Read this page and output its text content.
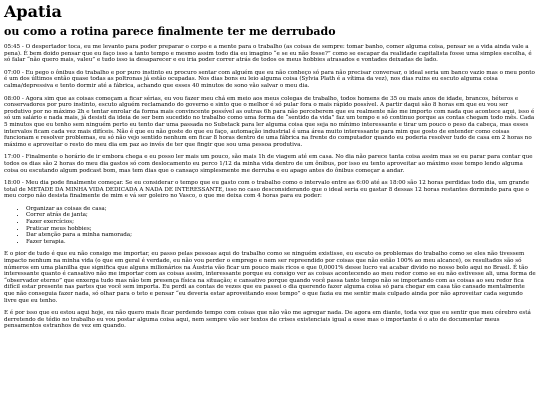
Apatia
ou como a rotina parece finalmente ter me derrubado

05:45 - O despertador toca, eu me levanto para poder preparar o corpo e a mente para o trabalho (as coisas de sempre: tomar banho, comer alguma coisa, pensar se a vida ainda vale a pena). É bem doido pensar que eu faço isso a tanto tempo e mesmo assim todo dia eu imagino “e se eu não fosse?” como se escapar da realidade capitalista fosse uma simples escolha, é só falar “não quero mais, valeu” e tudo isso ia desaparecer e eu iria poder correr atrás de todos os meus hobbies atrasados e vontades deixadas de lado.

07:00 - Eu pego o ônibus do trabalho e por puro instinto eu procuro sentar com alguém que eu não conheço só para não precisar conversar, o ideal seria um banco vazio mas o meu ponto é um dos últimos então quase todas as poltronas já estão ocupadas. Nos dias bons eu leio alguma coisa (Sylvia Plath é a vítima da vez), nos dias ruins eu escuto alguma coisa calma/depressiva e tento dormir até a fábrica, achando que esses 40 minutos de sono vão salvar o meu dia.

08:00 - Agora sim que as coisas começam a ficar sérias, eu vou fazer meu chá em meio aos meus colegas de trabalho, todos homens de 35 ou mais anos de idade, brancos, héteros e conservadores por puro instinto, escuto alguém reclamando do governo e sinto que o melhor é só pular fora o mais rápido possível. A partir daqui são 8 horas em que eu vou ser produtivo por no máximo 2h e tentar enrolar da forma mais convincente possível as outras 6h para não perceberem que eu realmente não me importo com nada que acontece aqui, isso é só um salário e nada mais, já desisti da ideia de ser bem sucedido no trabalho como uma forma de “sentido da vida” faz um tempo e só continuo porque as contas chegam todo mês. Cada 5 minutos que eu tenho sem ninguém perto eu tento dar uma passada no Substack para ler alguma coisa que seja no mínimo interessante e tirar um pouco o peso da cabeça, mas esses intervalos ficam cada vez mais difíceis. Não é que eu não goste do que eu faço, automação industrial é uma área muito interessante para mim que gosto de entender como coisas funcionam e resolver problemas, eu só não vejo sentido nenhum em ficar 8 horas dentro de uma fábrica na frente do computador quando eu poderia resolver tudo de casa em 2 horas no máximo e aproveitar o resto do meu dia em paz ao invés de ter que fingir que sou uma pessoa produtiva.

17:00 - Finalmente o horário de ir embora chega e eu posso ler mais um pouco, são mais 1h de viagem até em casa. No dia não parece tanta coisa assim mas se eu parar para contar que todos os dias são 2 horas do meu dia gastos só com deslocamento eu perco 1/12 da minha vida dentro de um ônibus, por isso eu tento aproveitar ao máximo esse tempo lendo alguma coisa ou escutando algum podcast bom, mas tem dias que o cansaço simplesmente me derruba e eu apago antes do ônibus começar a andar.

18:00 - Meu dia pode finalmente começar. Se eu considerar o tempo que eu gasto com o trabalho como o intervalo entre as 6:00 até as 18:00 são 12 horas perdidas todo dia, um grande total de METADE DA MINHA VIDA DEDICADA A NADA DE INTERESSANTE, isso no caso desconsiderando que o ideal seria eu gastar 8 dessas 12 horas restantes dormindo para que o meu corpo não desista finalmente de mim e vá ser goleiro no Vasco, o que me deixa com 4 horas para eu poder:

• Organizar as coisas de casa;
• Correr atrás de janta;
• Fazer exercícios;
• Praticar meus hobbies;
• Dar atenção para a minha namorada;
• Fazer terapia.

E o pior de tudo é que eu não consigo me importar, eu passo pelas pessoas aqui do trabalho como se ninguém existisse, eu escuto os problemas do trabalho como se eles não tivessem impacto nenhum na minha vida (o que em geral é verdade, eu não vou perder o emprego e nem ser repreendido por coisas que não estão 100% ao meu alcance), os resultados são só números em uma planilha que significa que alguns milionários na Áustria vão ficar um pouco mais ricos e que 0,0001% desse lucro vai acabar divido no nosso bolo aqui no Brasil. É tão interessante quanto é cansativo não me importar com as coisas assim, interessante porque eu consigo ver as coisas acontecendo ao meu redor como se eu não estivesse ali, uma forma de “observador eterno” que enxerga tudo mas não tem presença física na situação; e cansativo porque quando você passa tanto tempo não se importando com as coisas ao seu redor fica difícil estar presente nas partes que você sem importa. Eu perdi as contas de vezes que eu passei o dia querendo fazer alguma coisa só para chegar em casa tão cansado mentalmente que não conseguia fazer nada, só olhar para o teto e pensar “eu deveria estar aproveitando esse tempo” o que fazia eu me sentir mais culpado ainda por não aproveitar cada segundo livre que eu tenho.

E é por isso que eu estou aqui hoje, eu não quero mais ficar perdendo tempo com coisas que não vão me agregar nada. De agora em diante, toda vez que eu sentir que meu cérebro está derretendo de tédio no trabalho eu vou postar alguma coisa aqui, nem sempre vão ser textos de crises existenciais igual a esse mas o importante é o ato de documentar meus pensamentos estranhos de vez em quando.
